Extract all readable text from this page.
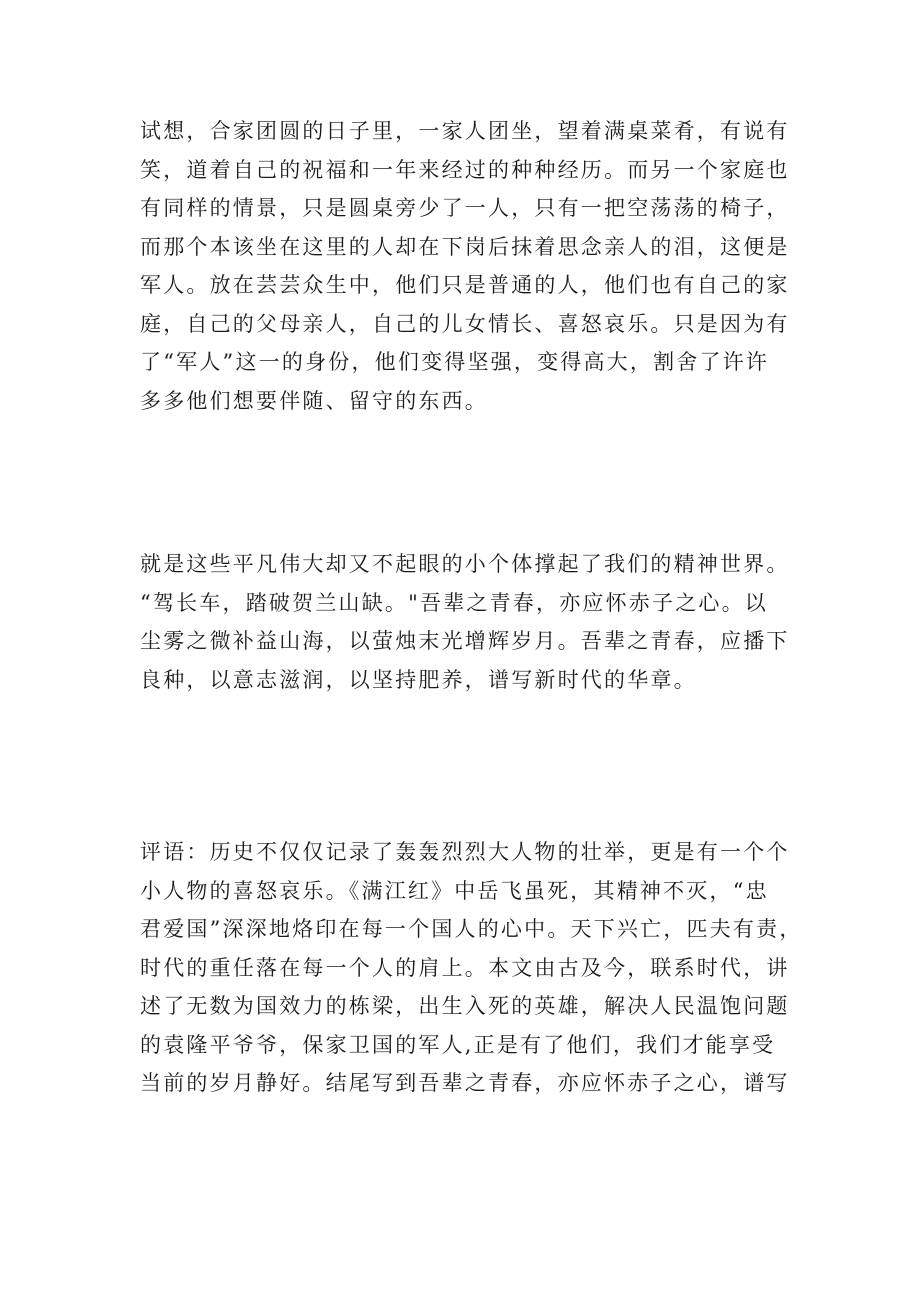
试想，合家团圆的日子里，一家人团坐，望着满桌菜肴，有说有
笑，道着自己的祝福和一年来经过的种种经历。而另一个家庭也
有同样的情景，只是圆桌旁少了一人，只有一把空荡荡的椅子，
而那个本该坐在这里的人却在下岗后抹着思念亲人的泪，这便是
军人。放在芸芸众生中，他们只是普通的人，他们也有自己的家
庭，自己的父母亲人，自己的儿女情长、喜怒哀乐。只是因为有
了“军人”这一的身份，他们变得坚强，变得高大，割舍了许许
多多他们想要伴随、留守的东西。

就是这些平凡伟大却又不起眼的小个体撑起了我们的精神世界。
“驾长车，踏破贺兰山缺。"吾辈之青春，亦应怀赤子之心。以
尘雾之微补益山海，以萤烛末光增辉岁月。吾辈之青春，应播下
良种，以意志滋润，以坚持肥养，谱写新时代的华章。

评语：历史不仅仅记录了轰轰烈烈大人物的壮举，更是有一个个
小人物的喜怒哀乐。《满江红》中岳飞虽死，其精神不灭，“忠
君爱国”深深地烙印在每一个国人的心中。天下兴亡，匹夫有责，
时代的重任落在每一个人的肩上。本文由古及今，联系时代，讲
述了无数为国效力的栋梁，出生入死的英雄，解决人民温饱问题
的袁隆平爷爷，保家卫国的军人,正是有了他们，我们才能享受
当前的岁月静好。结尾写到吾辈之青春，亦应怀赤子之心，谱写
